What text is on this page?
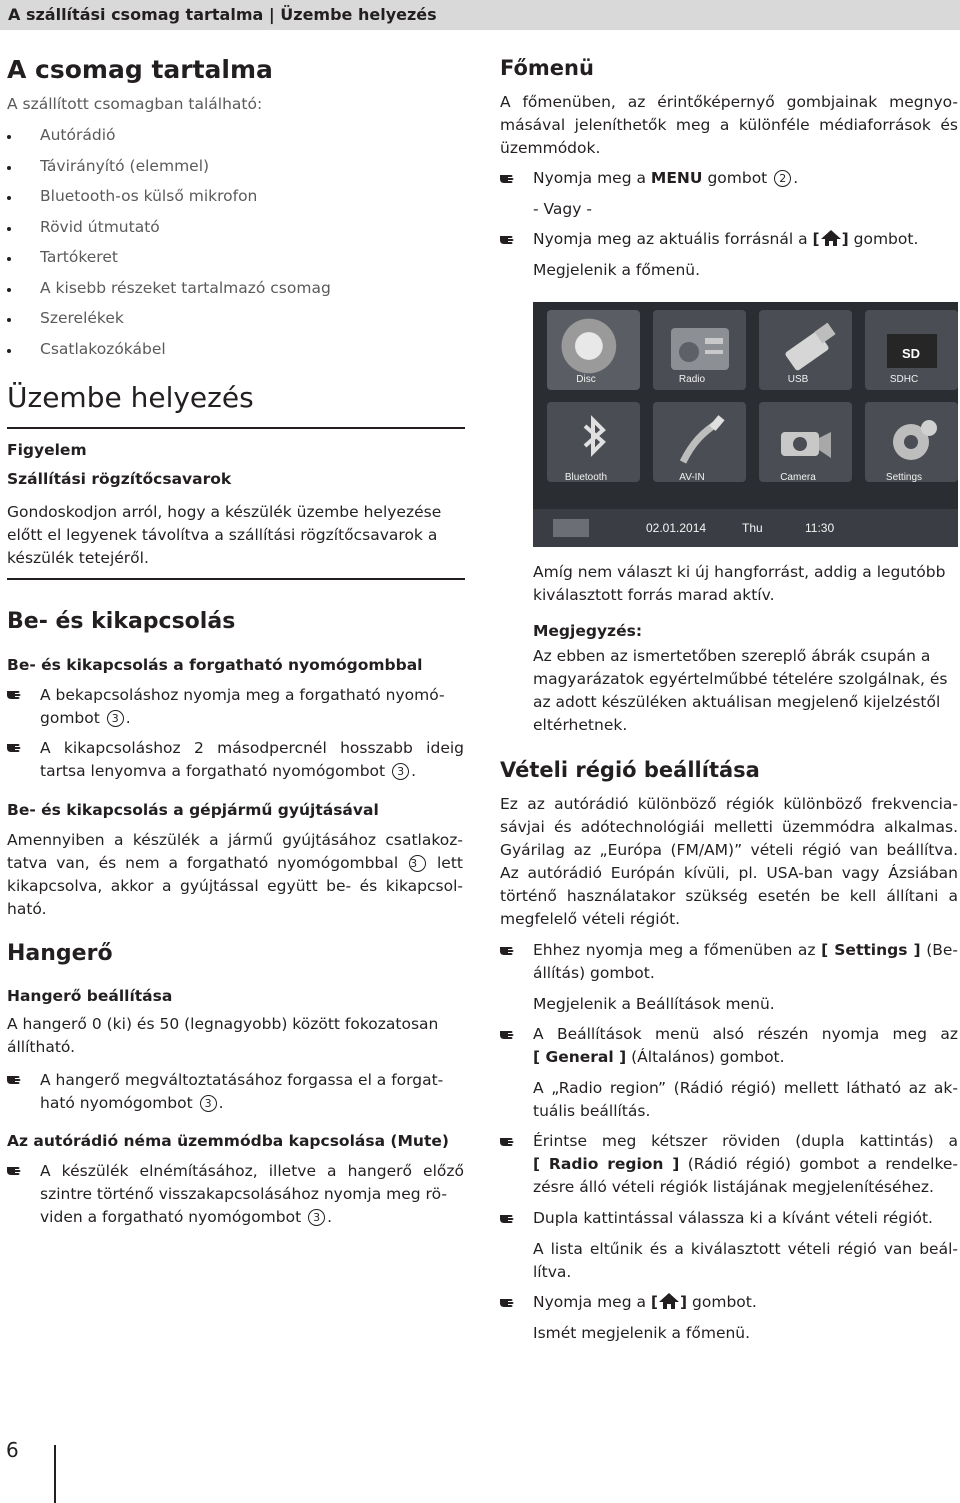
A szállítási csomag tartalma | Üzembe helyezés
A csomag tartalma
A szállított csomagban található:
Autórádió
Távirányító (elemmel)
Bluetooth-os külső mikrofon
Rövid útmutató
Tartókeret
A kisebb részeket tartalmazó csomag
Szerelékek
Csatlakozókábel
Üzembe helyezés
Figyelem
Szállítási rögzítőcsavarok
Gondoskodjon arról, hogy a készülék üzembe helyezése
előtt el legyenek távolítva a szállítási rögzítőcsavarok a
készülék tetejéről.
Be- és kikapcsolás
Be- és kikapcsolás a forgatható nyomógombbal
A bekapcsoláshoz nyomja meg a forgatható nyomó-
gombot 3 .
A kikapcsoláshoz 2 másodpercnél hosszabb ideig
tartsa lenyomva a forgatható nyomógombot 3 .
Be- és kikapcsolás a gépjármű gyújtásával
Amennyiben a készülék a jármű gyújtásához csatlakoz-
tatva van, és nem a forgatható nyomógombbal 3 lett
kikapcsolva, akkor a gyújtással együtt be- és kikapcsol-
ható.
Hangerő
Hangerő beállítása
A hangerő 0 (ki) és 50 (legnagyobb) között fokozatosan
állítható.
A hangerő megváltoztatásához forgassa el a forgat-
ható nyomógombot 3 .
Az autórádió néma üzemmódba kapcsolása (Mute)
A készülék elnémításához, illetve a hangerő előző
szintre történő visszakapcsolásához nyomja meg rö-
viden a forgatható nyomógombot 3 .
Főmenü
A főmenüben, az érintőképernyő gombjainak megnyo-
másával jeleníthetők meg a különféle médiaforrások és
üzemmódok.
Nyomja meg a MENU gombot 2 .
- Vagy -
Nyomja meg az aktuális forrásnál a [ ] gombot.
Megjelenik a főmenü.
SD
Disc	Radio	USB	SDHC
Bluetooth	AV-IN	Camera	Settings
02.01.2014	Thu	11:30
Amíg nem választ ki új hangforrást, addig a legutóbb
kiválasztott forrás marad aktív.
Megjegyzés:
Az ebben az ismertetőben szereplő ábrák csupán a
magyarázatok egyértelműbbé tételére szolgálnak, és
az adott készüléken aktuálisan megjelenő kijelzéstől
eltérhetnek.
Vételi régió beállítása
Ez az autórádió különböző régiók különböző frekvencia-
sávjai és adótechnológiái melletti üzemmódra alkalmas.
Gyárilag az „Európa (FM/AM)” vételi régió van beállítva.
Az autórádió Európán kívüli, pl. USA-ban vagy Ázsiában
történő használatakor szükség esetén be kell állítani a
megfelelő vételi régiót.
Ehhez nyomja meg a főmenüben az [ Settings ] (Be-
állítás) gombot.
Megjelenik a Beállítások menü.
A Beállítások menü alsó részén nyomja meg az
[ General ] (Általános) gombot.
A „Radio region” (Rádió régió) mellett látható az ak-
tuális beállítás.
Érintse meg kétszer röviden (dupla kattintás) a
[ Radio region ] (Rádió régió) gombot a rendelke-
zésre álló vételi régiók listájának megjelenítéséhez.
Dupla kattintással válassza ki a kívánt vételi régiót.
A lista eltűnik és a kiválasztott vételi régió van beál-
lítva.
Nyomja meg a [ ] gombot.
Ismét megjelenik a főmenü.
6
